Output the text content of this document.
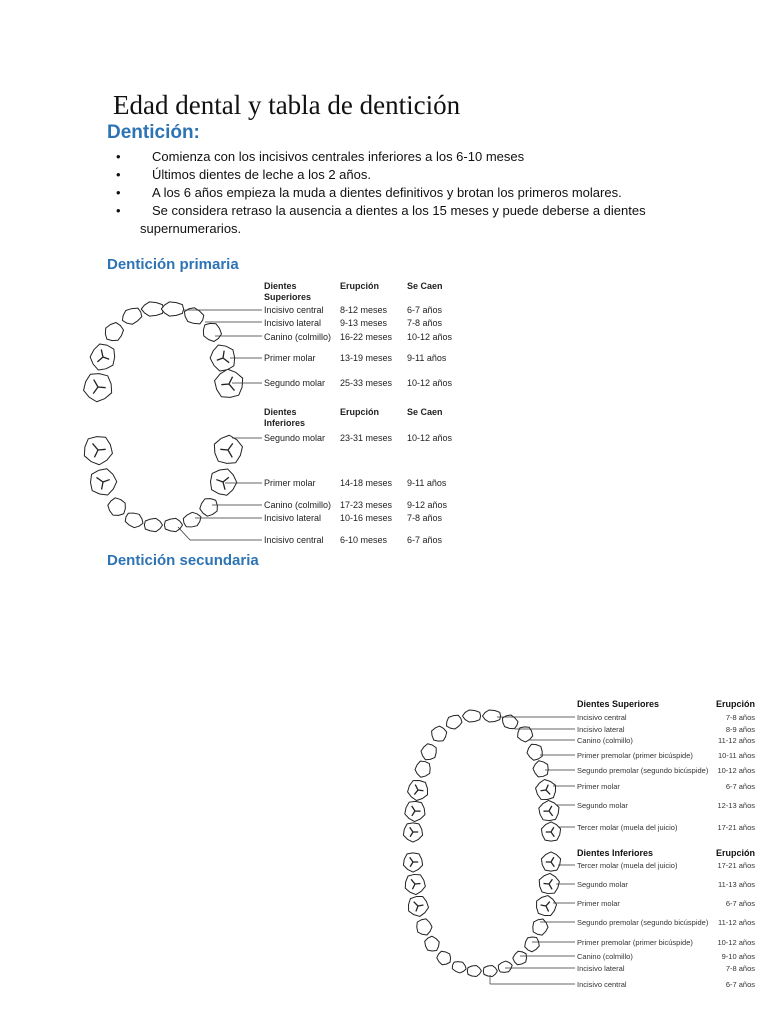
Edad dental y tabla de dentición
Dentición:
• Comienza con los incisivos centrales inferiores a los 6-10 meses
• Últimos dientes de leche a los 2 años.
• A los 6 años empieza la muda a dientes definitivos y brotan los primeros molares.
• Se considera retraso la ausencia a dientes a los 15 meses y puede deberse a dientes
supernumerarios.
Dentición primaria
Dentición secundaria
Dientes
Superiores
Erupción	Se Caen
Incisivo central 8-12 meses 6-7 años
Incisivo lateral 9-13 meses 7-8 años
Canino (colmillo) 16-22 meses 10-12 años
Primer molar	13-19 meses 9-11 años
Segundo molar 25-33 meses 10-12 años
Dientes
Inferiores
Erupción	Se Caen
Segundo molar 23-31 meses 10-12 años
Primer molar	14-18 meses 9-11 años
Canino (colmillo) 17-23 meses 9-12 años
Incisivo lateral 10-16 meses 7-8 años
Incisivo central 6-10 meses 6-7 años
Dientes Superiores	Erupción
Incisivo central	7-8 años
Incisivo lateral	8-9 años
Canino (colmillo)	11-12 años
Primer premolar (primer bicúspide)	10-11 años
Segundo premolar (segundo bicúspide) 10-12 años
Primer molar	6-7 años
Segundo molar	12-13 años
Tercer molar (muela del juicio)	17-21 años
Dientes Inferiores	Erupción
Tercer molar (muela del juicio)	17-21 años
Segundo molar	11-13 años
Primer molar	6-7 años
Segundo premolar (segundo bicúspide) 11-12 años
Primer premolar (primer bicúspide)	10-12 años
Canino (colmillo)	9-10 años
Incisivo lateral	7-8 años
Incisivo central	6-7 años
